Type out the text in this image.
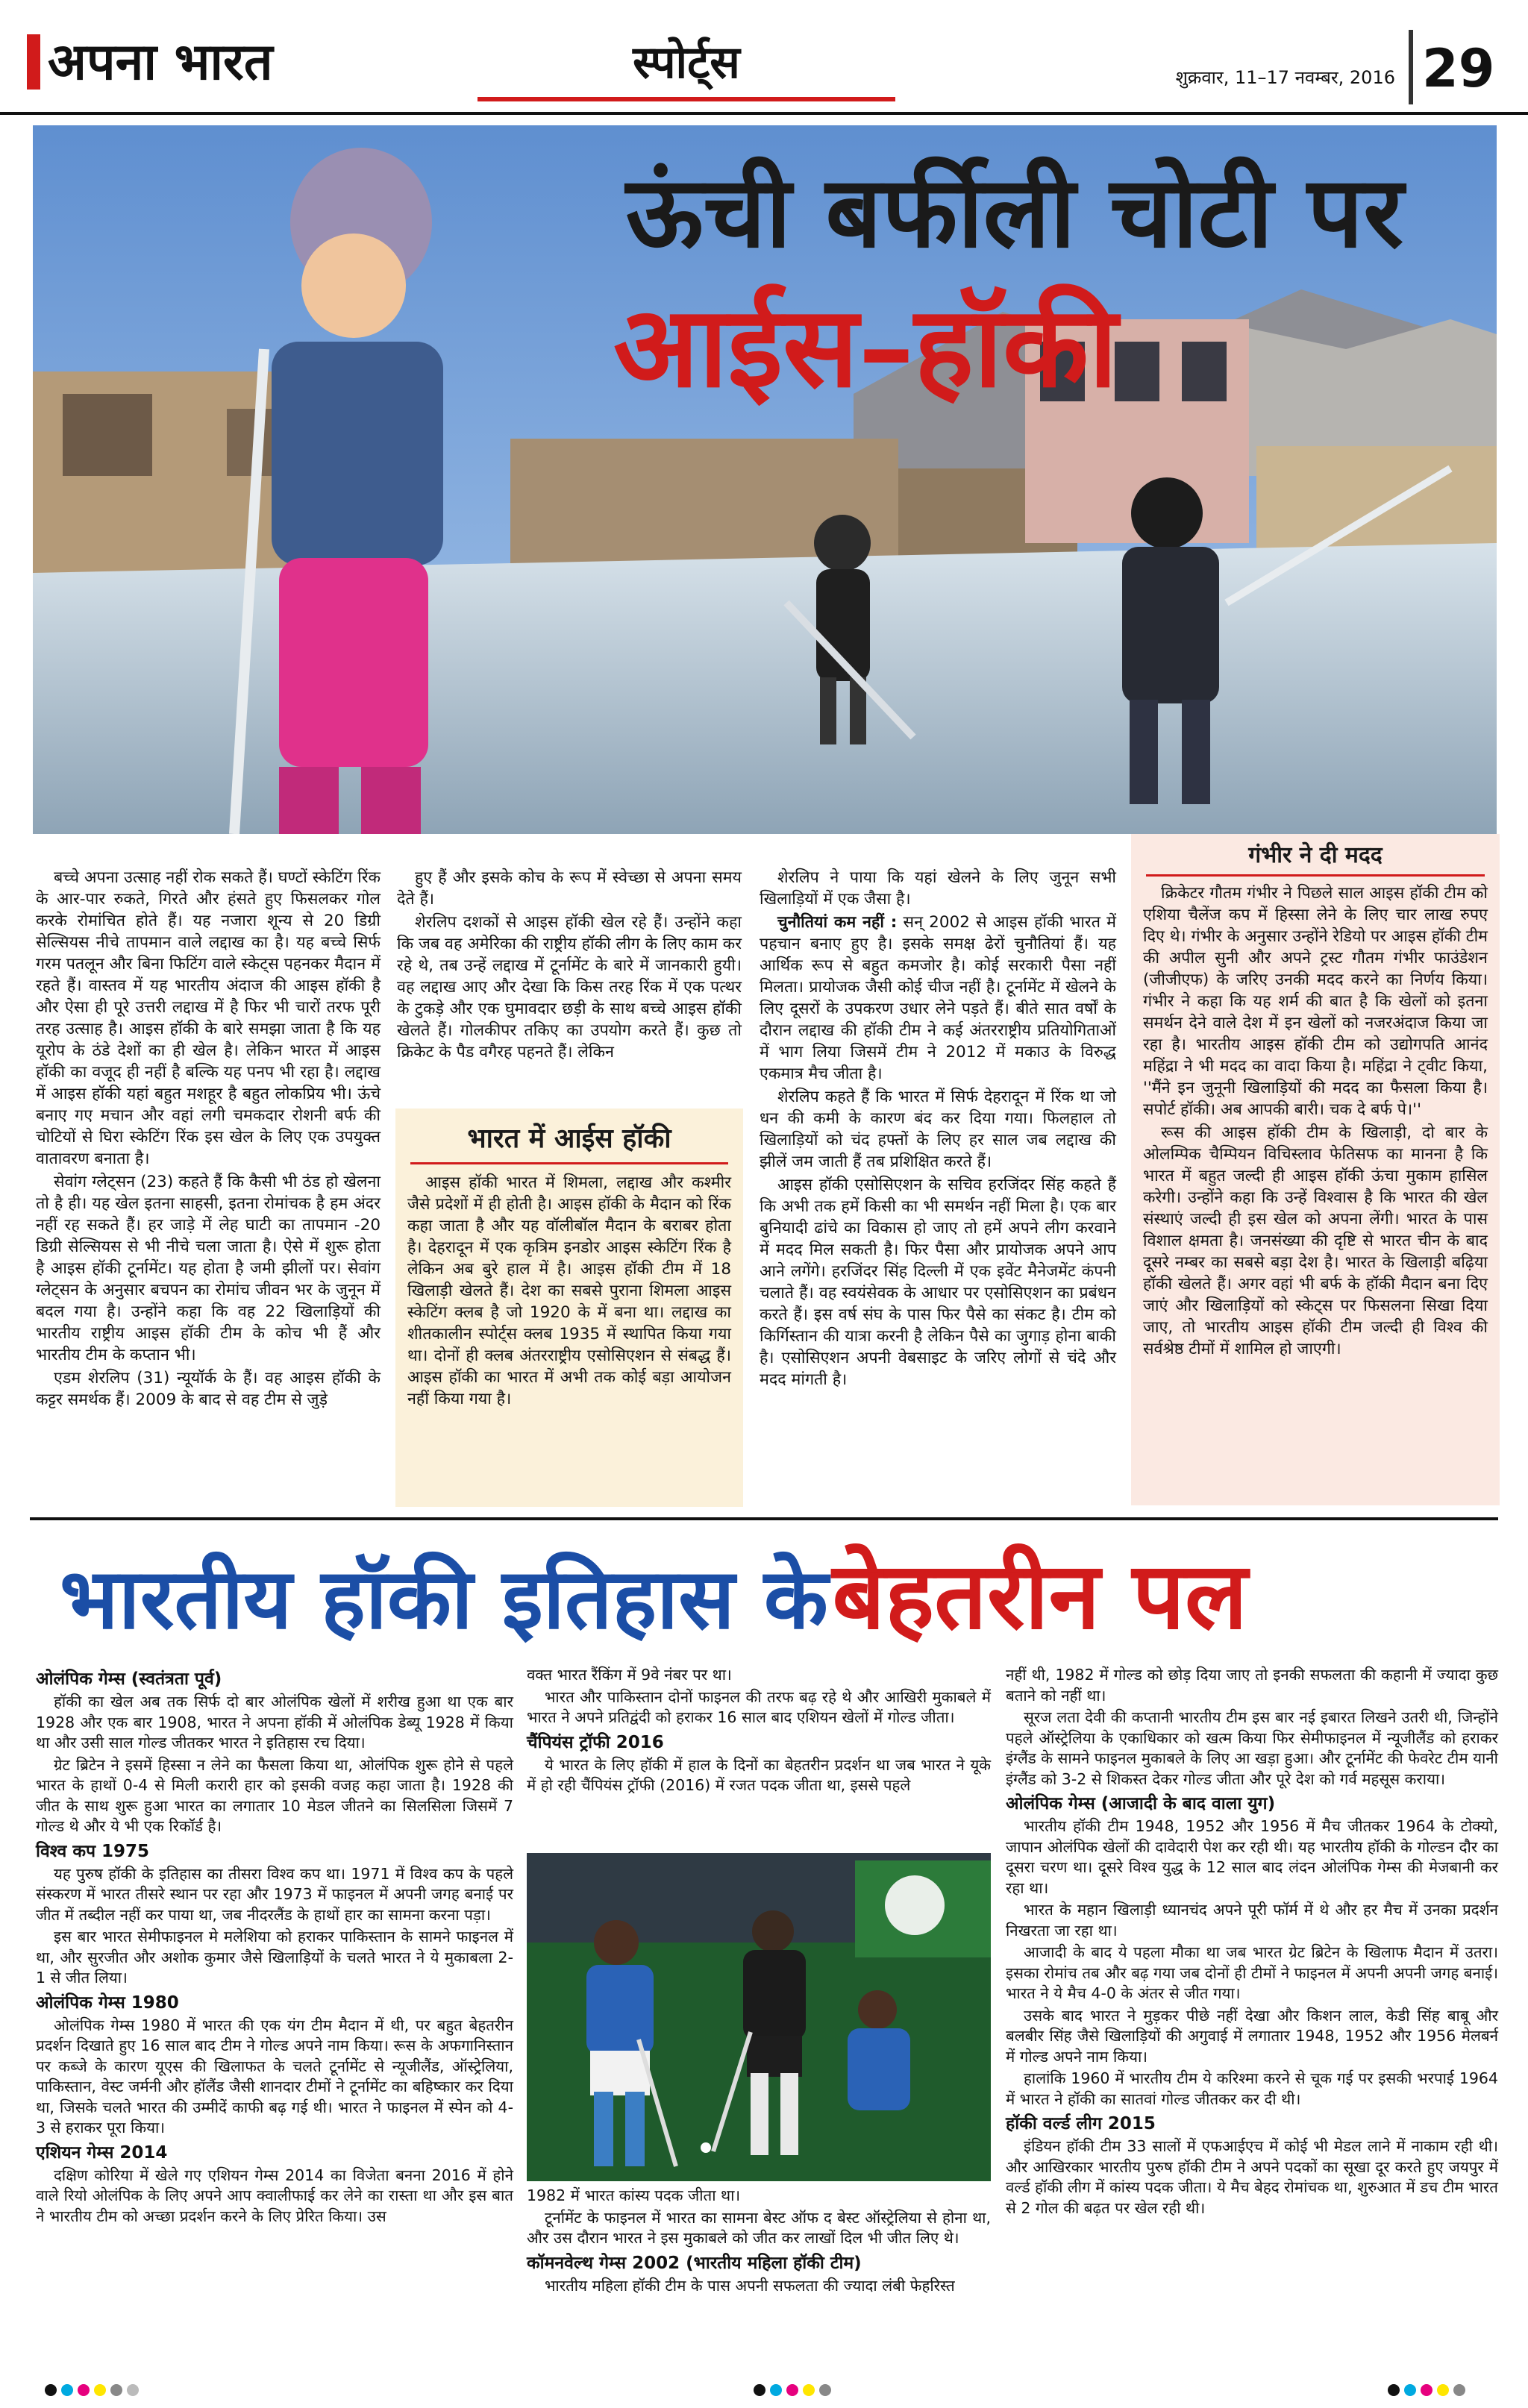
अपना भारत	स्पोर्ट्स	शुक्रवार, 11–17 नवम्बर, 2016 29
ऊंची बर्फीली चोटी पर
आईस–हॉकी

बच्चे अपना उत्साह नहीं रोक सकते हैं। घण्टों स्केटिंग रिंक के आर-पार रुकते, गिरते और हंसते हुए फिसलकर गोल करके रोमांचित होते हैं। यह नजारा शून्य से 20 डिग्री सेल्सियस नीचे तापमान वाले लद्दाख का है। यह बच्चे सिर्फ गरम पतलून और बिना फिटिंग वाले स्केट्स पहनकर मैदान में रहते हैं। वास्तव में यह भारतीय अंदाज की आइस हॉकी है और ऐसा ही पूरे उत्तरी लद्दाख में है फिर भी चारों तरफ पूरी तरह उत्साह है। आइस हॉकी के बारे समझा जाता है कि यह यूरोप के ठंडे देशों का ही खेल है। लेकिन भारत में आइस हॉकी का वजूद ही नहीं है बल्कि यह पनप भी रहा है। लद्दाख में आइस हॉकी यहां बहुत मशहूर है बहुत लोकप्रिय भी। ऊंचे बनाए गए मचान और वहां लगी चमकदार रोशनी बर्फ की चोटियों से घिरा स्केटिंग रिंक इस खेल के लिए एक उपयुक्त वातावरण बनाता है।

सेवांग ग्लेट्सन (23) कहते हैं कि कैसी भी ठंड हो खेलना तो है ही। यह खेल इतना साहसी, इतना रोमांचक है हम अंदर नहीं रह सकते हैं। हर जाड़े में लेह घाटी का तापमान -20 डिग्री सेल्सियस से भी नीचे चला जाता है। ऐसे में शुरू होता है आइस हॉकी टूर्नामेंट। यह होता है जमी झीलों पर। सेवांग ग्लेट्सन के अनुसार बचपन का रोमांच जीवन भर के जुनून में बदल गया है। उन्होंने कहा कि वह 22 खिलाड़ियों की भारतीय राष्ट्रीय आइस हॉकी टीम के कोच भी हैं और भारतीय टीम के कप्तान भी।

एडम शेरलिप (31) न्यूयॉर्क के हैं। वह आइस हॉकी के कट्टर समर्थक हैं। 2009 के बाद से वह टीम से जुड़े

हुए हैं और इसके कोच के रूप में स्वेच्छा से अपना समय देते हैं।

शेरलिप दशकों से आइस हॉकी खेल रहे हैं। उन्होंने कहा कि जब वह अमेरिका की राष्ट्रीय हॉकी लीग के लिए काम कर रहे थे, तब उन्हें लद्दाख में टूर्नामेंट के बारे में जानकारी हुयी। वह लद्दाख आए और देखा कि किस तरह रिंक में एक पत्थर के टुकड़े और एक घुमावदार छड़ी के साथ बच्चे आइस हॉकी खेलते हैं। गोलकीपर तकिए का उपयोग करते हैं। कुछ तो क्रिकेट के पैड वगैरह पहनते हैं। लेकिन

भारत में आईस हॉकी

आइस हॉकी भारत में शिमला, लद्दाख और कश्मीर जैसे प्रदेशों में ही होती है। आइस हॉकी के मैदान को रिंक कहा जाता है और यह वॉलीबॉल मैदान के बराबर होता है। देहरादून में एक कृत्रिम इनडोर आइस स्केटिंग रिंक है लेकिन अब बुरे हाल में है। आइस हॉकी टीम में 18 खिलाड़ी खेलते हैं। देश का सबसे पुराना शिमला आइस स्केटिंग क्लब है जो 1920 के में बना था। लद्दाख का शीतकालीन स्पोर्ट्स क्लब 1935 में स्थापित किया गया था। दोनों ही क्लब अंतरराष्ट्रीय एसोसिएशन से संबद्ध हैं। आइस हॉकी का भारत में अभी तक कोई बड़ा आयोजन नहीं किया गया है।

शेरलिप ने पाया कि यहां खेलने के लिए जुनून सभी खिलाड़ियों में एक जैसा है।

चुनौतियां कम नहीं : सन् 2002 से आइस हॉकी भारत में पहचान बनाए हुए है। इसके समक्ष ढेरों चुनौतियां हैं। यह आर्थिक रूप से बहुत कमजोर है। कोई सरकारी पैसा नहीं मिलता। प्रायोजक जैसी कोई चीज नहीं है। टूर्नामेंट में खेलने के लिए दूसरों के उपकरण उधार लेने पड़ते हैं। बीते सात वर्षों के दौरान लद्दाख की हॉकी टीम ने कई अंतरराष्ट्रीय प्रतियोगिताओं में भाग लिया जिसमें टीम ने 2012 में मकाउ के विरुद्ध एकमात्र मैच जीता है।

शेरलिप कहते हैं कि भारत में सिर्फ देहरादून में रिंक था जो धन की कमी के कारण बंद कर दिया गया। फिलहाल तो खिलाड़ियों को चंद हफ्तों के लिए हर साल जब लद्दाख की झीलें जम जाती हैं तब प्रशिक्षित करते हैं।

आइस हॉकी एसोसिएशन के सचिव हरजिंदर सिंह कहते हैं कि अभी तक हमें किसी का भी समर्थन नहीं मिला है। एक बार बुनियादी ढांचे का विकास हो जाए तो हमें अपने लीग करवाने में मदद मिल सकती है। फिर पैसा और प्रायोजक अपने आप आने लगेंगे। हरजिंदर सिंह दिल्ली में एक इवेंट मैनेजमेंट कंपनी चलाते हैं। वह स्वयंसेवक के आधार पर एसोसिएशन का प्रबंधन करते हैं। इस वर्ष संघ के पास फिर पैसे का संकट है। टीम को किर्गिस्तान की यात्रा करनी है लेकिन पैसे का जुगाड़ होना बाकी है। एसोसिएशन अपनी वेबसाइट के जरिए लोगों से चंदे और मदद मांगती है।

गंभीर ने दी मदद

क्रिकेटर गौतम गंभीर ने पिछले साल आइस हॉकी टीम को एशिया चैलेंज कप में हिस्सा लेने के लिए चार लाख रुपए दिए थे। गंभीर के अनुसार उन्होंने रेडियो पर आइस हॉकी टीम की अपील सुनी और अपने ट्रस्ट गौतम गंभीर फाउंडेशन (जीजीएफ) के जरिए उनकी मदद करने का निर्णय किया। गंभीर ने कहा कि यह शर्म की बात है कि खेलों को इतना समर्थन देने वाले देश में इन खेलों को नजरअंदाज किया जा रहा है। भारतीय आइस हॉकी टीम को उद्योगपति आनंद महिंद्रा ने भी मदद का वादा किया है। महिंद्रा ने ट्वीट किया, ''मैंने इन जुनूनी खिलाड़ियों की मदद का फैसला किया है। सपोर्ट हॉकी। अब आपकी बारी। चक दे बर्फ पे।''

रूस की आइस हॉकी टीम के खिलाड़ी, दो बार के ओलम्पिक चैम्पियन विचिस्लाव फेतिसफ का मानना है कि भारत में बहुत जल्दी ही आइस हॉकी ऊंचा मुकाम हासिल करेगी। उन्होंने कहा कि उन्हें विश्वास है कि भारत की खेल संस्थाएं जल्दी ही इस खेल को अपना लेंगी। भारत के पास विशाल क्षमता है। जनसंख्या की दृष्टि से भारत चीन के बाद दूसरे नम्बर का सबसे बड़ा देश है। भारत के खिलाड़ी बढ़िया हॉकी खेलते हैं। अगर वहां भी बर्फ के हॉकी मैदान बना दिए जाएं और खिलाड़ियों को स्केट्स पर फिसलना सिखा दिया जाए, तो भारतीय आइस हॉकी टीम जल्दी ही विश्व की सर्वश्रेष्ठ टीमों में शामिल हो जाएगी।

भारतीय हॉकी इतिहास के बेहतरीन पल
ओलंपिक गेम्स (स्वतंत्रता पूर्व)

हॉकी का खेल अब तक सिर्फ दो बार ओलंपिक खेलों में शरीख हुआ था एक बार 1928 और एक बार 1908, भारत ने अपना हॉकी में ओलंपिक डेब्यू 1928 में किया था और उसी साल गोल्ड जीतकर भारत ने इतिहास रच दिया।

ग्रेट ब्रिटेन ने इसमें हिस्सा न लेने का फैसला किया था, ओलंपिक शुरू होने से पहले भारत के हाथों 0-4 से मिली करारी हार को इसकी वजह कहा जाता है। 1928 की जीत के साथ शुरू हुआ भारत का लगातार 10 मेडल जीतने का सिलसिला जिसमें 7 गोल्ड थे और ये भी एक रिकॉर्ड है।

विश्व कप 1975

यह पुरुष हॉकी के इतिहास का तीसरा विश्व कप था। 1971 में विश्व कप के पहले संस्करण में भारत तीसरे स्थान पर रहा और 1973 में फाइनल में अपनी जगह बनाई पर जीत में तब्दील नहीं कर पाया था, जब नीदरलैंड के हाथों हार का सामना करना पड़ा।

इस बार भारत सेमीफाइनल मे मलेशिया को हराकर पाकिस्तान के सामने फाइनल में था, और सुरजीत और अशोक कुमार जैसे खिलाड़ियों के चलते भारत ने ये मुकाबला 2-1 से जीत लिया।

ओलंपिक गेम्स 1980

ओलंपिक गेम्स 1980 में भारत की एक यंग टीम मैदान में थी, पर बहुत बेहतरीन प्रदर्शन दिखाते हुए 16 साल बाद टीम ने गोल्ड अपने नाम किया। रूस के अफगानिस्तान पर कब्जे के कारण यूएस की खिलाफत के चलते टूर्नामेंट से न्यूजीलैंड, ऑस्ट्रेलिया, पाकिस्तान, वेस्ट जर्मनी और हॉलैंड जैसी शानदार टीमों ने टूर्नामेंट का बहिष्कार कर दिया था, जिसके चलते भारत की उम्मीदें काफी बढ़ गई थी। भारत ने फाइनल में स्पेन को 4-3 से हराकर पूरा किया।

एशियन गेम्स 2014

दक्षिण कोरिया में खेले गए एशियन गेम्स 2014 का विजेता बनना 2016 में होने वाले रियो ओलंपिक के लिए अपने आप क्वालीफाई कर लेने का रास्ता था और इस बात ने भारतीय टीम को अच्छा प्रदर्शन करने के लिए प्रेरित किया। उस

वक्त भारत रैंकिंग में 9वे नंबर पर था।

भारत और पाकिस्तान दोनों फाइनल की तरफ बढ़ रहे थे और आखिरी मुकाबले में भारत ने अपने प्रतिद्वंदी को हराकर 16 साल बाद एशियन खेलों में गोल्ड जीता।

चैंपियंस ट्रॉफी 2016

ये भारत के लिए हॉकी में हाल के दिनों का बेहतरीन प्रदर्शन था जब भारत ने यूके में हो रही चैंपियंस ट्रॉफी (2016) में रजत पदक जीता था, इससे पहले

1982 में भारत कांस्य पदक जीता था।

टूर्नामेंट के फाइनल में भारत का सामना बेस्ट ऑफ द बेस्ट ऑस्ट्रेलिया से होना था, और उस दौरान भारत ने इस मुकाबले को जीत कर लाखों दिल भी जीत लिए थे।

कॉमनवेल्थ गेम्स 2002 (भारतीय महिला हॉकी टीम)

भारतीय महिला हॉकी टीम के पास अपनी सफलता की ज्यादा लंबी फेहरिस्त

नहीं थी, 1982 में गोल्ड को छोड़ दिया जाए तो इनकी सफलता की कहानी में ज्यादा कुछ बताने को नहीं था।

सूरज लता देवी की कप्तानी भारतीय टीम इस बार नई इबारत लिखने उतरी थी, जिन्होंने पहले ऑस्ट्रेलिया के एकाधिकार को खत्म किया फिर सेमीफाइनल में न्यूजीलैंड को हराकर इंग्लैंड के सामने फाइनल मुकाबले के लिए आ खड़ा हुआ। और टूर्नामेंट की फेवरेट टीम यानी इंग्लैंड को 3-2 से शिकस्त देकर गोल्ड जीता और पूरे देश को गर्व महसूस कराया।

ओलंपिक गेम्स (आजादी के बाद वाला युग)

भारतीय हॉकी टीम 1948, 1952 और 1956 में मैच जीतकर 1964 के टोक्यो, जापान ओलंपिक खेलों की दावेदारी पेश कर रही थी। यह भारतीय हॉकी के गोल्डन दौर का दूसरा चरण था। दूसरे विश्व युद्ध के 12 साल बाद लंदन ओलंपिक गेम्स की मेजबानी कर रहा था।

भारत के महान खिलाड़ी ध्यानचंद अपने पूरी फॉर्म में थे और हर मैच में उनका प्रदर्शन निखरता जा रहा था।

आजादी के बाद ये पहला मौका था जब भारत ग्रेट ब्रिटेन के खिलाफ मैदान में उतरा। इसका रोमांच तब और बढ़ गया जब दोनों ही टीमों ने फाइनल में अपनी अपनी जगह बनाई। भारत ने ये मैच 4-0 के अंतर से जीत गया।

उसके बाद भारत ने मुड़कर पीछे नहीं देखा और किशन लाल, केडी सिंह बाबू और बलबीर सिंह जैसे खिलाड़ियों की अगुवाई में लगातार 1948, 1952 और 1956 मेलबर्न में गोल्ड अपने नाम किया।

हालांकि 1960 में भारतीय टीम ये करिश्मा करने से चूक गई पर इसकी भरपाई 1964 में भारत ने हॉकी का सातवां गोल्ड जीतकर कर दी थी।

हॉकी वर्ल्ड लीग 2015

इंडियन हॉकी टीम 33 सालों में एफआईएच में कोई भी मेडल लाने में नाकाम रही थी। और आखिरकार भारतीय पुरुष हॉकी टीम ने अपने पदकों का सूखा दूर करते हुए जयपुर में वर्ल्ड हॉकी लीग में कांस्य पदक जीता। ये मैच बेहद रोमांचक था, शुरुआत में डच टीम भारत से 2 गोल की बढ़त पर खेल रही थी।
